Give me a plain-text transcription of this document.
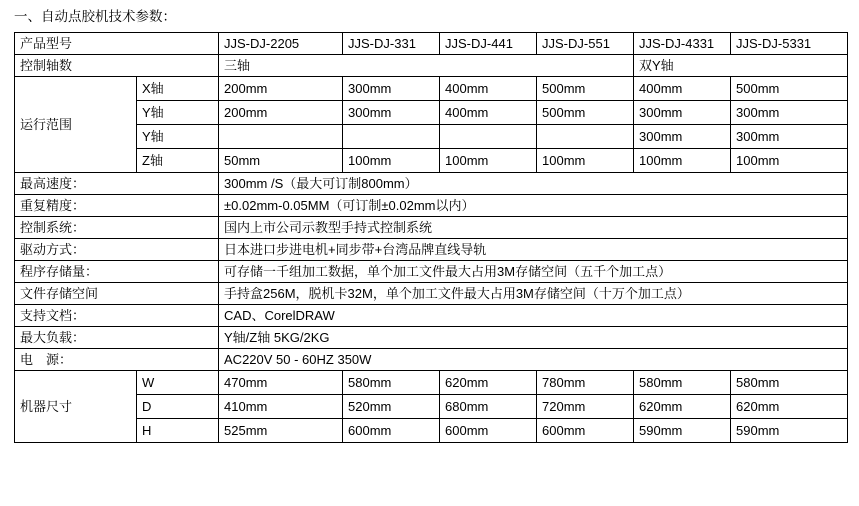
一、自动点胶机技术参数：
产品型号		JJS-DJ-2205	JJS-DJ-331	JJS-DJ-441	JJS-DJ-551	JJS-DJ-4331	JJS-DJ-5331
控制轴数		三轴				双Y轴	
运行范围	X轴	200mm	300mm	400mm	500mm	400mm	500mm
	Y轴	200mm	300mm	400mm	500mm	300mm	300mm
	Y轴					300mm	300mm
	Z轴	50mm	100mm	100mm	100mm	100mm	100mm
最高速度：		300mm /S（最大可订制800mm）					
重复精度：		±0.02mm-0.05MM（可订制±0.02mm以内）					
控制系统：		国内上市公司示教型手持式控制系统					
驱动方式：		日本进口步进电机+同步带+台湾品牌直线导轨					
程序存储量：		可存储一千组加工数据，单个加工文件最大占用3M存储空间（五千个加工点）					
文件存储空间		手持盒256M，脱机卡32M，单个加工文件最大占用3M存储空间（十万个加工点）					
支持文档：		CAD、CorelDRAW					
最大负载：		Y轴/Z轴 5KG/2KG					
电　源：		AC220V 50 - 60HZ 350W					
机器尺寸	W	470mm	580mm	620mm	780mm	580mm	580mm
	D	410mm	520mm	680mm	720mm	620mm	620mm
	H	525mm	600mm	600mm	600mm	590mm	590mm
